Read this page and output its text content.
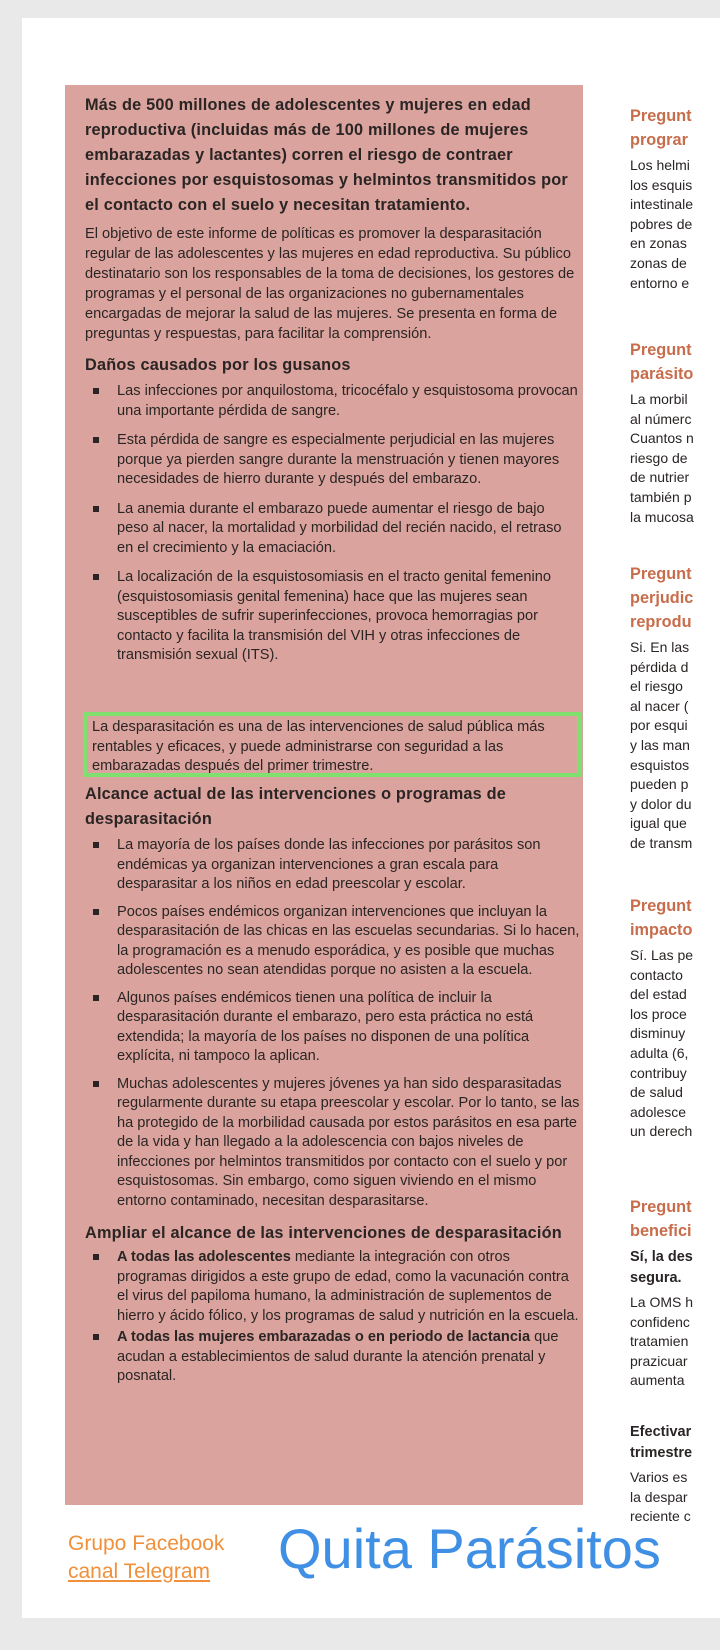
Más de 500 millones de adolescentes y mujeres en edad reproductiva (incluidas más de 100 millones de mujeres embarazadas y lactantes) corren el riesgo de contraer infecciones por esquistosomas y helmintos transmitidos por el contacto con el suelo y necesitan tratamiento.

El objetivo de este informe de políticas es promover la desparasitación regular de las adolescentes y las mujeres en edad reproductiva. Su público destinatario son los responsables de la toma de decisiones, los gestores de programas y el personal de las organizaciones no gubernamentales encargadas de mejorar la salud de las mujeres. Se presenta en forma de preguntas y respuestas, para facilitar la comprensión.

Daños causados por los gusanos

Las infecciones por anquilostoma, tricocéfalo y esquistosoma provocan una importante pérdida de sangre.
Esta pérdida de sangre es especialmente perjudicial en las mujeres porque ya pierden sangre durante la menstruación y tienen mayores necesidades de hierro durante y después del embarazo.
La anemia durante el embarazo puede aumentar el riesgo de bajo peso al nacer, la mortalidad y morbilidad del recién nacido, el retraso en el crecimiento y la emaciación.
La localización de la esquistosomiasis en el tracto genital femenino (esquistosomiasis genital femenina) hace que las mujeres sean susceptibles de sufrir superinfecciones, provoca hemorragias por contacto y facilita la transmisión del VIH y otras infecciones de transmisión sexual (ITS).
La desparasitación es una de las intervenciones de salud pública más rentables y eficaces, y puede administrarse con seguridad a las embarazadas después del primer trimestre.

Alcance actual de las intervenciones o programas de desparasitación

La mayoría de los países donde las infecciones por parásitos son endémicas ya organizan intervenciones a gran escala para desparasitar a los niños en edad preescolar y escolar.
Pocos países endémicos organizan intervenciones que incluyan la desparasitación de las chicas en las escuelas secundarias. Si lo hacen, la programación es a menudo esporádica, y es posible que muchas adolescentes no sean atendidas porque no asisten a la escuela.
Algunos países endémicos tienen una política de incluir la desparasitación durante el embarazo, pero esta práctica no está extendida; la mayoría de los países no disponen de una política explícita, ni tampoco la aplican.
Muchas adolescentes y mujeres jóvenes ya han sido desparasitadas regularmente durante su etapa preescolar y escolar. Por lo tanto, se las ha protegido de la morbilidad causada por estos parásitos en esa parte de la vida y han llegado a la adolescencia con bajos niveles de infecciones por helmintos transmitidos por contacto con el suelo y por esquistosomas. Sin embargo, como siguen viviendo en el mismo entorno contaminado, necesitan desparasitarse.

Ampliar el alcance de las intervenciones de desparasitación

A todas las adolescentes mediante la integración con otros programas dirigidos a este grupo de edad, como la vacunación contra el virus del papiloma humano, la administración de suplementos de hierro y ácido fólico, y los programas de salud y nutrición en la escuela.
A todas las mujeres embarazadas o en periodo de lactancia que acudan a establecimientos de salud durante la atención prenatal y posnatal.
Pregunt
prograr
Los helmi
los esquis
intestinale
pobres de
en zonas
zonas de
entorno e
Pregunt
parásito
La morbil
al númerc
Cuantos n
riesgo de
de nutrier
también p
la mucosa
Pregunt
perjudic
reprodu
Si. En las
pérdida d
el riesgo
al nacer (
por esqui
y las man
esquistos
pueden p
y dolor du
igual que
de transm
Pregunt
impacto
Sí. Las pe
contacto
del estad
los proce
disminuy
adulta (6,
contribuy
de salud
adolesce
un derech
Pregunt
benefici
Sí, la des
segura.
La OMS h
confidenc
tratamien
prazicuar
aumenta
Efectivar
trimestre
Varios es
la despar
reciente c
Grupo Facebook
canal Telegram Quita Parásitos
